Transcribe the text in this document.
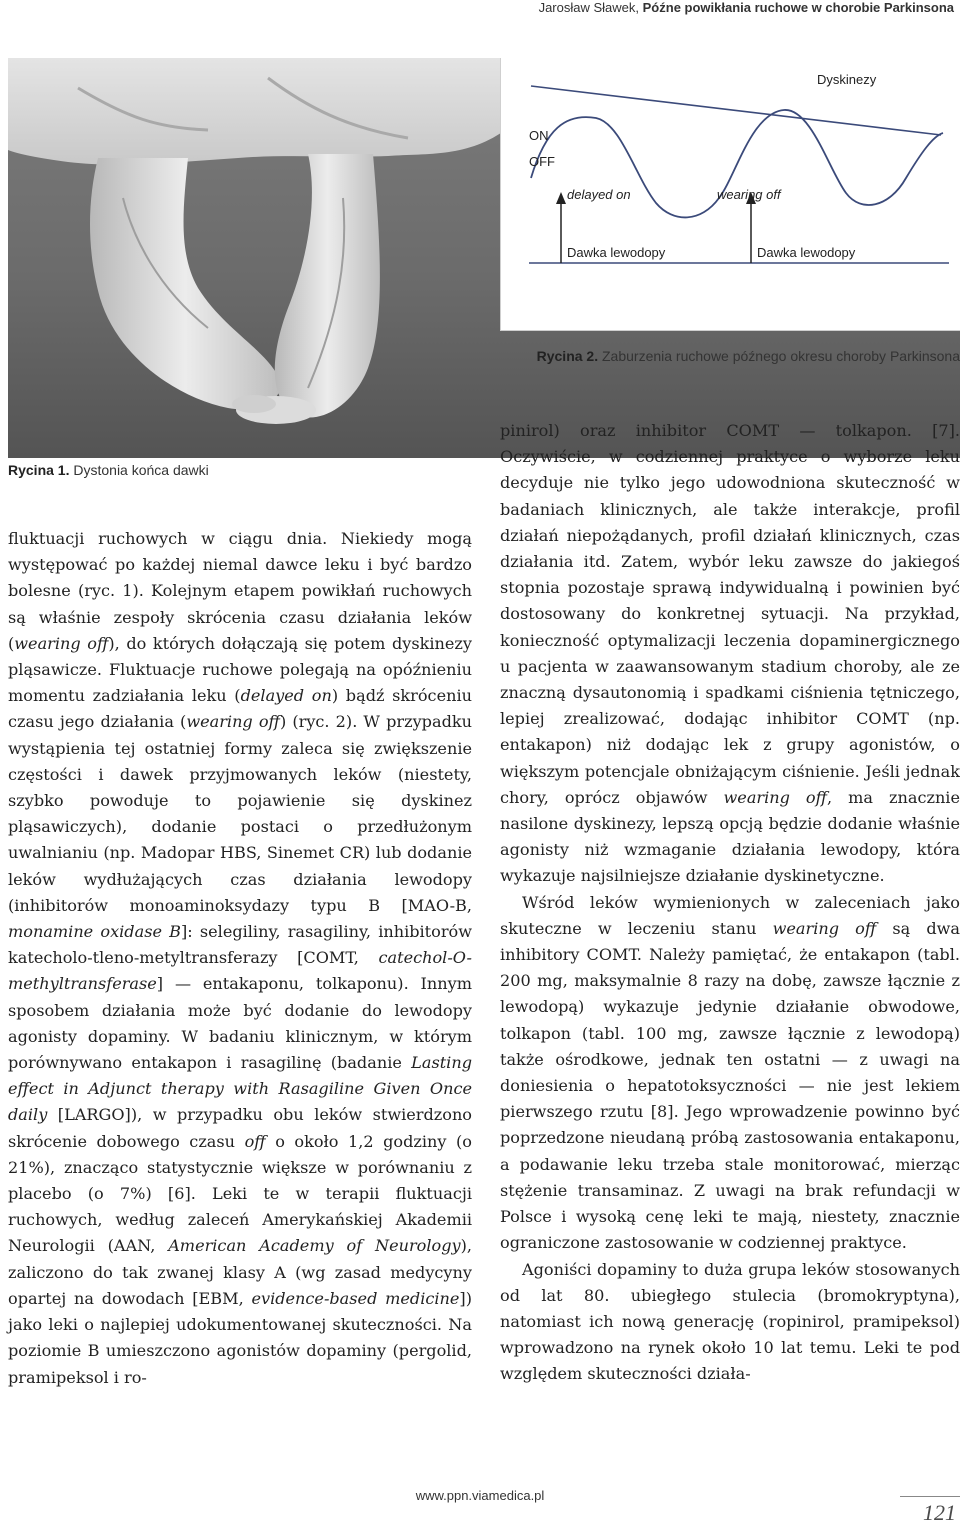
Jarosław Sławek, Późne powikłania ruchowe w chorobie Parkinsona
Dyskinezy
ON
OFF
delayed on	wearing off
Dawka lewodopy	Dawka lewodopy
Rycina 2. Zaburzenia ruchowe późnego okresu choroby Parkinsona
Rycina 1. Dystonia końca dawki

fluktuacji ruchowych w ciągu dnia. Niekiedy mogą występować po każdej niemal dawce leku i być bardzo bolesne (ryc. 1). Kolejnym etapem powikłań ruchowych są właśnie zespoły skrócenia czasu działania leków (wearing off), do których dołączają się potem dyskinezy pląsawicze. Fluktuacje ruchowe polegają na opóźnieniu momentu zadziałania leku (delayed on) bądź skróceniu czasu jego działania (wearing off) (ryc. 2). W przypadku wystąpienia tej ostatniej formy zaleca się zwiększenie częstości i dawek przyjmowanych leków (niestety, szybko powoduje to pojawienie się dyskinez pląsawiczych), dodanie postaci o przedłużonym uwalnianiu (np. Madopar HBS, Sinemet CR) lub dodanie leków wydłużających czas działania lewodopy (inhibitorów monoaminoksydazy typu B [MAO-B, monamine oxidase B]: selegiliny, rasagiliny, inhibitorów katecholo-tleno-metyltransferazy [COMT, catechol-O-methyltransferase] — entakaponu, tolkaponu). Innym sposobem działania może być dodanie do lewodopy agonisty dopaminy. W badaniu klinicznym, w którym porównywano entakapon i rasagilinę (badanie Lasting effect in Adjunct therapy with Rasagiline Given Once daily [LARGO]), w przypadku obu leków stwierdzono skrócenie dobowego czasu off o około 1,2 godziny (o 21%), znacząco statystycznie większe w porównaniu z placebo (o 7%) [6]. Leki te w terapii fluktuacji ruchowych, według zaleceń Amerykańskiej Akademii Neurologii (AAN, American Academy of Neurology), zaliczono do tak zwanej klasy A (wg zasad medycyny opartej na dowodach [EBM, evidence-based medicine]) jako leki o najlepiej udokumentowanej skuteczności. Na poziomie B umieszczono agonistów dopaminy (pergolid, pramipeksol i ro-

pinirol) oraz inhibitor COMT — tolkapon. [7]. Oczywiście, w codziennej praktyce o wyborze leku decyduje nie tylko jego udowodniona skuteczność w badaniach klinicznych, ale także interakcje, profil działań niepożądanych, profil działań klinicznych, czas działania itd. Zatem, wybór leku zawsze do jakiegoś stopnia pozostaje sprawą indywidualną i powinien być dostosowany do konkretnej sytuacji. Na przykład, konieczność optymalizacji leczenia dopaminergicznego u pacjenta w zaawansowanym stadium choroby, ale ze znaczną dysautonomią i spadkami ciśnienia tętniczego, lepiej zrealizować, dodając inhibitor COMT (np. entakapon) niż dodając lek z grupy agonistów, o większym potencjale obniżającym ciśnienie. Jeśli jednak chory, oprócz objawów wearing off, ma znacznie nasilone dyskinezy, lepszą opcją będzie dodanie właśnie agonisty niż wzmaganie działania lewodopy, która wykazuje najsilniejsze działanie dyskinetyczne.

Wśród leków wymienionych w zaleceniach jako skuteczne w leczeniu stanu wearing off są dwa inhibitory COMT. Należy pamiętać, że entakapon (tabl. 200 mg, maksymalnie 8 razy na dobę, zawsze łącznie z lewodopą) wykazuje jedynie działanie obwodowe, tolkapon (tabl. 100 mg, zawsze łącznie z lewodopą) także ośrodkowe, jednak ten ostatni — z uwagi na doniesienia o hepatotoksyczności — nie jest lekiem pierwszego rzutu [8]. Jego wprowadzenie powinno być poprzedzone nieudaną próbą zastosowania entakaponu, a podawanie leku trzeba stale monitorować, mierząc stężenie transaminaz. Z uwagi na brak refundacji w Polsce i wysoką cenę leki te mają, niestety, znacznie ograniczone zastosowanie w codziennej praktyce.

Agoniści dopaminy to duża grupa leków stosowanych od lat 80. ubiegłego stulecia (bromokryptyna), natomiast ich nową generację (ropinirol, pramipeksol) wprowadzono na rynek około 10 lat temu. Leki te pod względem skuteczności działa-

www.ppn.viamedica.pl
121
